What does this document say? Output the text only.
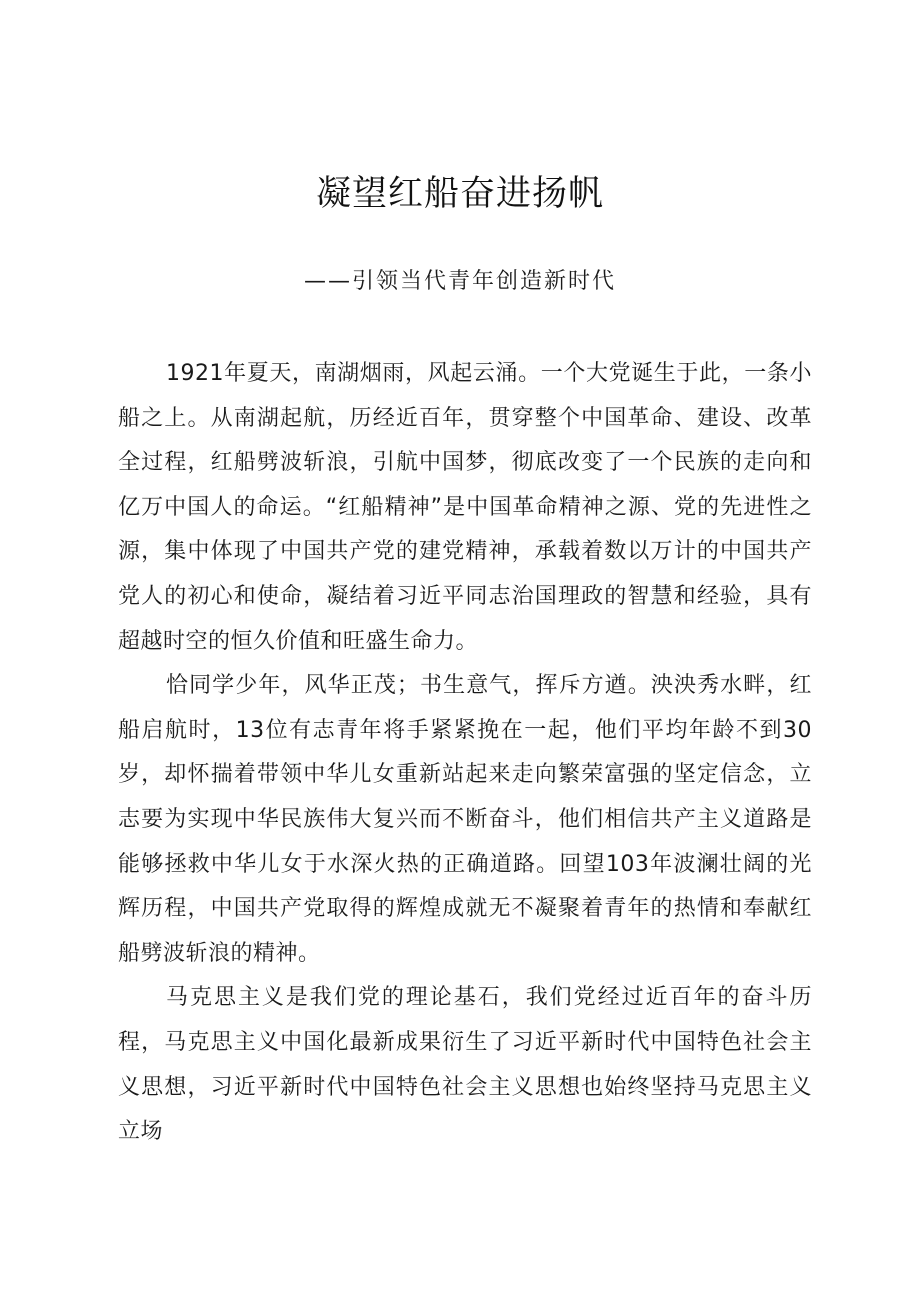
凝望红船奋进扬帆
——引领当代青年创造新时代

1921年夏天，南湖烟雨，风起云涌。一个大党诞生于此，一条小船之上。从南湖起航，历经近百年，贯穿整个中国革命、建设、改革全过程，红船劈波斩浪，引航中国梦，彻底改变了一个民族的走向和亿万中国人的命运。“红船精神”是中国革命精神之源、党的先进性之源，集中体现了中国共产党的建党精神，承载着数以万计的中国共产党人的初心和使命，凝结着习近平同志治国理政的智慧和经验，具有超越时空的恒久价值和旺盛生命力。

恰同学少年，风华正茂；书生意气，挥斥方遒。泱泱秀水畔，红船启航时，13位有志青年将手紧紧挽在一起，他们平均年龄不到30岁，却怀揣着带领中华儿女重新站起来走向繁荣富强的坚定信念，立志要为实现中华民族伟大复兴而不断奋斗，他们相信共产主义道路是能够拯救中华儿女于水深火热的正确道路。回望103年波澜壮阔的光辉历程，中国共产党取得的辉煌成就无不凝聚着青年的热情和奉献红船劈波斩浪的精神。

马克思主义是我们党的理论基石，我们党经过近百年的奋斗历程，马克思主义中国化最新成果衍生了习近平新时代中国特色社会主义思想，习近平新时代中国特色社会主义思想也始终坚持马克思主义立场
